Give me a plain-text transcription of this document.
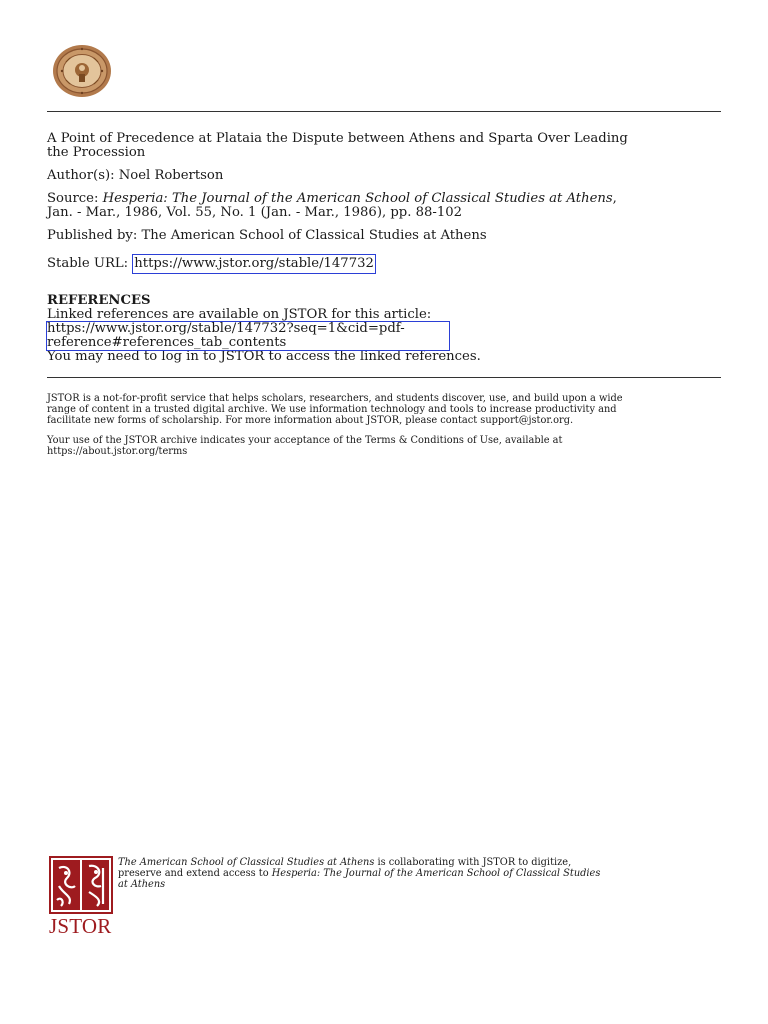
A Point of Precedence at Plataia the Dispute between Athens and Sparta Over Leading
the Procession
Author(s): Noel Robertson
Source: Hesperia: The Journal of the American School of Classical Studies at Athens,
Jan. - Mar., 1986, Vol. 55, No. 1 (Jan. - Mar., 1986), pp. 88-102
Published by: The American School of Classical Studies at Athens
Stable URL: https://www.jstor.org/stable/147732
REFERENCES
Linked references are available on JSTOR for this article:
https://www.jstor.org/stable/147732?seq=1&cid=pdf-
reference#references_tab_contents
You may need to log in to JSTOR to access the linked references.
JSTOR is a not-for-profit service that helps scholars, researchers, and students discover, use, and build upon a wide
range of content in a trusted digital archive. We use information technology and tools to increase productivity and
facilitate new forms of scholarship. For more information about JSTOR, please contact support@jstor.org.
Your use of the JSTOR archive indicates your acceptance of the Terms & Conditions of Use, available at
https://about.jstor.org/terms
JSTOR
The American School of Classical Studies at Athens is collaborating with JSTOR to digitize,
preserve and extend access to Hesperia: The Journal of the American School of Classical Studies
at Athens
